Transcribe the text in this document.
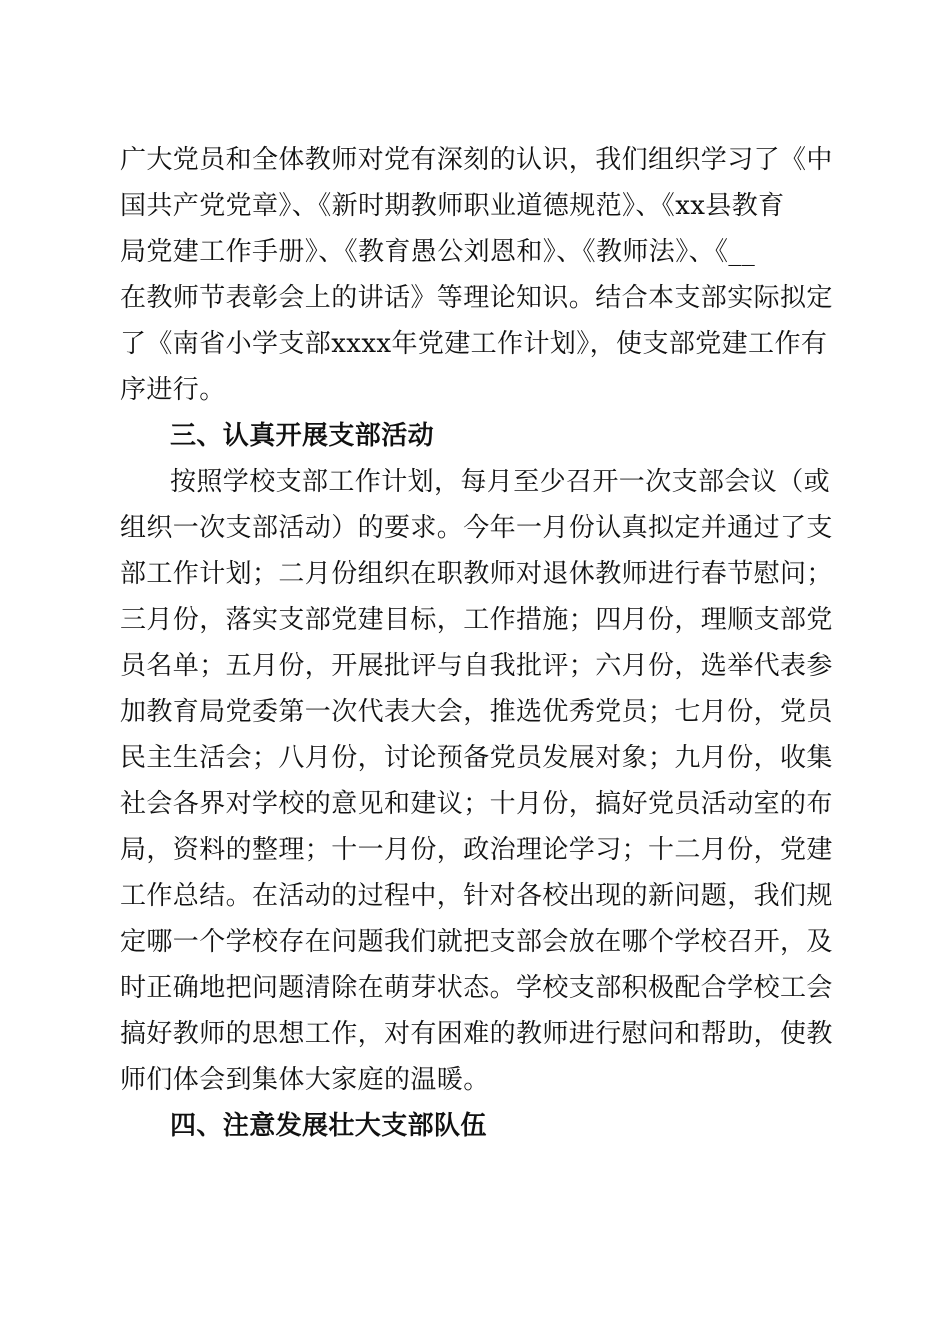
广大党员和全体教师对党有深刻的认识，我们组织学习了《中
国共产党党章》、《新时期教师职业道德规范》、《xx县教育
局党建工作手册》、《教育愚公刘恩和》、《教师法》、《__
在教师节表彰会上的讲话》等理论知识。结合本支部实际拟定
了《南省小学支部xxxx年党建工作计划》，使支部党建工作有
序进行。
三、认真开展支部活动
按照学校支部工作计划，每月至少召开一次支部会议（或
组织一次支部活动）的要求。今年一月份认真拟定并通过了支
部工作计划；二月份组织在职教师对退休教师进行春节慰问；
三月份，落实支部党建目标，工作措施；四月份，理顺支部党
员名单；五月份，开展批评与自我批评；六月份，选举代表参
加教育局党委第一次代表大会，推选优秀党员；七月份，党员
民主生活会；八月份，讨论预备党员发展对象；九月份，收集
社会各界对学校的意见和建议；十月份，搞好党员活动室的布
局，资料的整理；十一月份，政治理论学习；十二月份，党建
工作总结。在活动的过程中，针对各校出现的新问题，我们规
定哪一个学校存在问题我们就把支部会放在哪个学校召开，及
时正确地把问题清除在萌芽状态。学校支部积极配合学校工会
搞好教师的思想工作，对有困难的教师进行慰问和帮助，使教
师们体会到集体大家庭的温暖。
四、注意发展壮大支部队伍
